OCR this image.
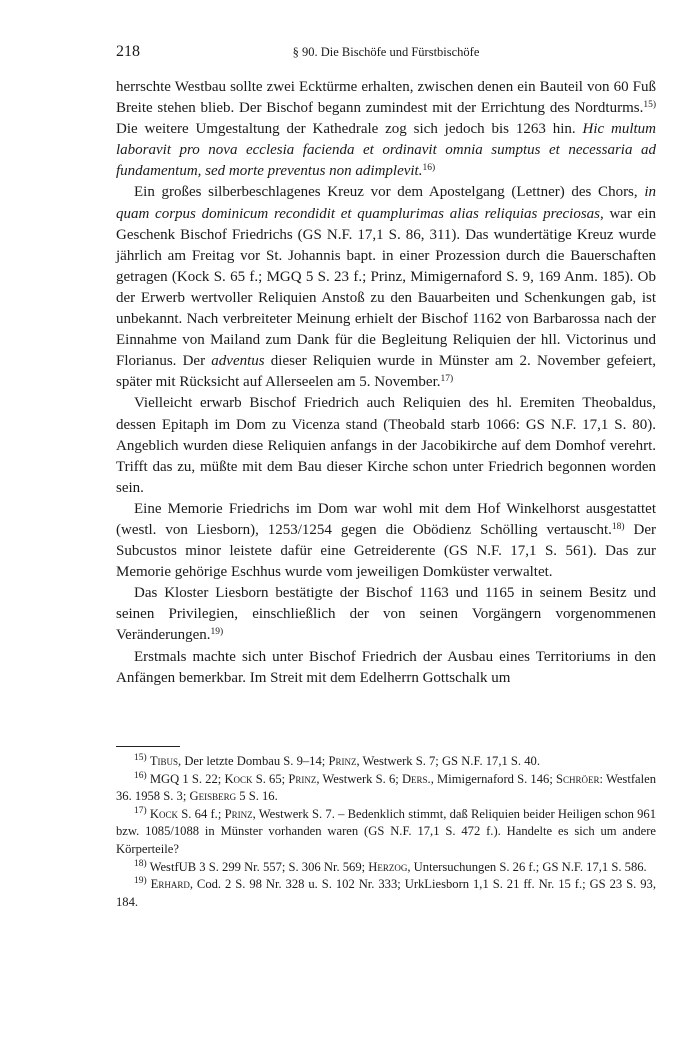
218	§ 90. Die Bischöfe und Fürstbischöfe

herrschte Westbau sollte zwei Ecktürme erhalten, zwischen denen ein Bauteil von 60 Fuß Breite stehen blieb. Der Bischof begann zumindest mit der Errichtung des Nordturms.$^{15)}$ Die weitere Umgestaltung der Kathedrale zog sich jedoch bis 1263 hin. Hic multum laboravit pro nova ecclesia facienda et ordinavit omnia sumptus et necessaria ad fundamentum, sed morte preventus non adimplevit.$^{16)}$

Ein großes silberbeschlagenes Kreuz vor dem Apostelgang (Lettner) des Chors, in quam corpus dominicum recondidit et quamplurimas alias reliquias preciosas, war ein Geschenk Bischof Friedrichs (GS N.F. 17,1 S. 86, 311). Das wundertätige Kreuz wurde jährlich am Freitag vor St. Johannis bapt. in einer Prozession durch die Bauerschaften getragen (Kock S. 65 f.; MGQ 5 S. 23 f.; Prinz, Mimigernaford S. 9, 169 Anm. 185). Ob der Erwerb wertvoller Reliquien Anstoß zu den Bauarbeiten und Schenkungen gab, ist unbekannt. Nach verbreiteter Meinung erhielt der Bischof 1162 von Barbarossa nach der Einnahme von Mailand zum Dank für die Begleitung Reliquien der hll. Victorinus und Florianus. Der adventus dieser Reliquien wurde in Münster am 2. November gefeiert, später mit Rücksicht auf Allerseelen am 5. November.$^{17)}$

Vielleicht erwarb Bischof Friedrich auch Reliquien des hl. Eremiten Theobaldus, dessen Epitaph im Dom zu Vicenza stand (Theobald starb 1066: GS N.F. 17,1 S. 80). Angeblich wurden diese Reliquien anfangs in der Jacobikirche auf dem Domhof verehrt. Trifft das zu, müßte mit dem Bau dieser Kirche schon unter Friedrich begonnen worden sein.

Eine Memorie Friedrichs im Dom war wohl mit dem Hof Winkelhorst ausgestattet (westl. von Liesborn), 1253/1254 gegen die Obödienz Schölling vertauscht.$^{18)}$ Der Subcustos minor leistete dafür eine Getreiderente (GS N.F. 17,1 S. 561). Das zur Memorie gehörige Eschhus wurde vom jeweiligen Domküster verwaltet.

Das Kloster Liesborn bestätigte der Bischof 1163 und 1165 in seinem Besitz und seinen Privilegien, einschließlich der von seinen Vorgängern vorgenommenen Veränderungen.$^{19)}$

Erstmals machte sich unter Bischof Friedrich der Ausbau eines Territoriums in den Anfängen bemerkbar. Im Streit mit dem Edelherrn Gottschalk um

$^{15)}$ Tibus, Der letzte Dombau S. 9–14; Prinz, Westwerk S. 7; GS N.F. 17,1 S. 40.

$^{16)}$ MGQ 1 S. 22; Kock S. 65; Prinz, Westwerk S. 6; Ders., Mimigernaford S. 146; Schröer: Westfalen 36. 1958 S. 3; Geisberg 5 S. 16.

$^{17)}$ Kock S. 64 f.; Prinz, Westwerk S. 7. – Bedenklich stimmt, daß Reliquien beider Heiligen schon 961 bzw. 1085/1088 in Münster vorhanden waren (GS N.F. 17,1 S. 472 f.). Handelte es sich um andere Körperteile?

$^{18)}$ WestfUB 3 S. 299 Nr. 557; S. 306 Nr. 569; Herzog, Untersuchungen S. 26 f.; GS N.F. 17,1 S. 586.

$^{19)}$ Erhard, Cod. 2 S. 98 Nr. 328 u. S. 102 Nr. 333; UrkLiesborn 1,1 S. 21 ff. Nr. 15 f.; GS 23 S. 93, 184.
